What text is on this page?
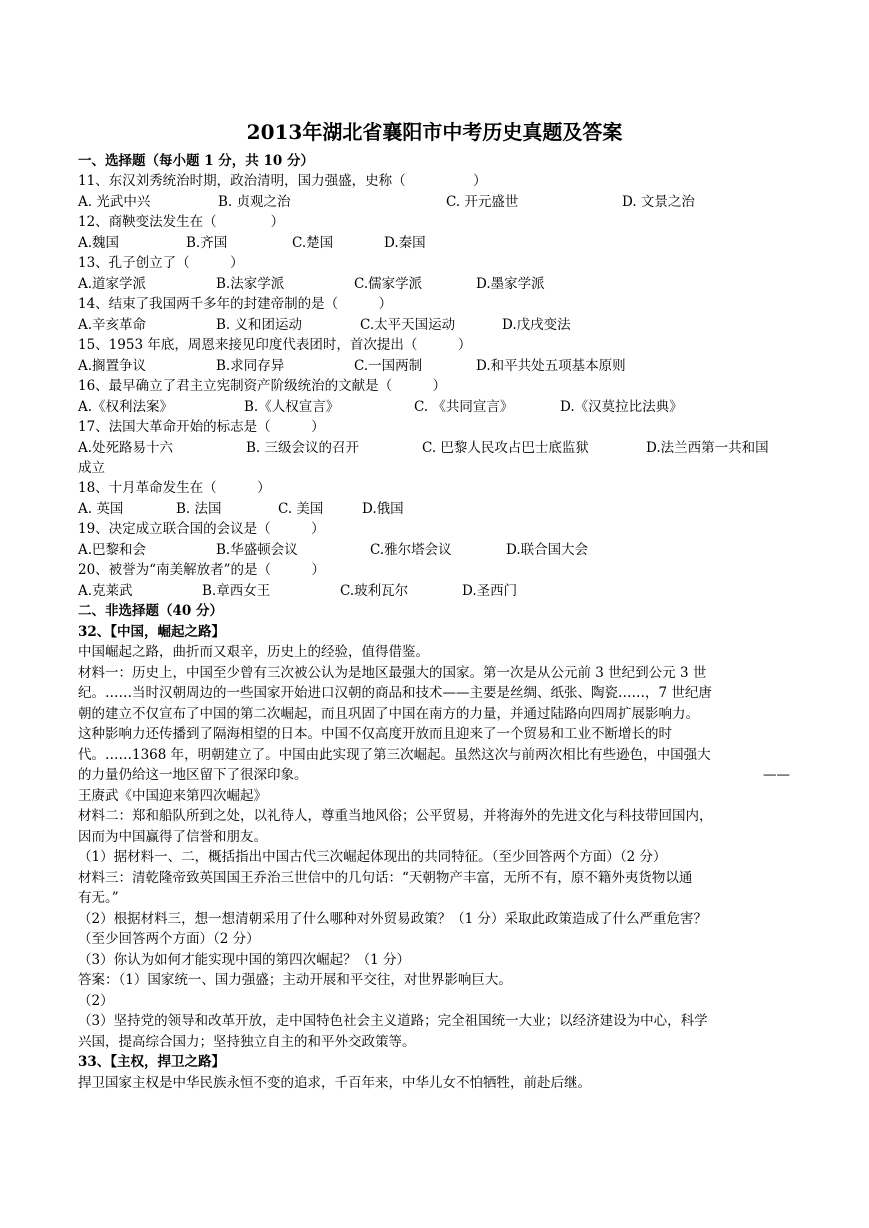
2013年湖北省襄阳市中考历史真题及答案
一、选择题（每小题 1 分，共 10 分）
11、东汉刘秀统治时期，政治清明，国力强盛，史称（　　　　　）
A. 光武中兴	B. 贞观之治	C. 开元盛世	D. 文景之治
12、商鞅变法发生在（　　　　）
A.魏国	B.齐国	C.楚国	D.秦国
13、孔子创立了（　　　）
A.道家学派	B.法家学派	C.儒家学派	D.墨家学派
14、结束了我国两千多年的封建帝制的是（　　　）
A.辛亥革命	B. 义和团运动	C.太平天国运动	D.戊戌变法
15、1953 年底，周恩来接见印度代表团时，首次提出（　　　）
A.搁置争议	B.求同存异	C.一国两制	D.和平共处五项基本原则
16、最早确立了君主立宪制资产阶级统治的文献是（　　　）
A.《权利法案》	B.《人权宣言》	C. 《共同宣言》	D.《汉莫拉比法典》
17、法国大革命开始的标志是（　　　）
A.处死路易十六	B. 三级会议的召开	C. 巴黎人民攻占巴士底监狱	D.法兰西第一共和国
成立
18、十月革命发生在（　　　）
A. 英国	B. 法国	C. 美国	D.俄国
19、决定成立联合国的会议是（　　　）
A.巴黎和会	B.华盛顿会议	C.雅尔塔会议	D.联合国大会
20、被誉为“南美解放者”的是（　　　）
A.克莱武	B.章西女王	C.玻利瓦尔	D.圣西门
二、非选择题（40 分）
32、【中国，崛起之路】
中国崛起之路，曲折而又艰辛，历史上的经验，值得借鉴。
材料一：历史上，中国至少曾有三次被公认为是地区最强大的国家。第一次是从公元前 3 世纪到公元 3 世
纪。……当时汉朝周边的一些国家开始进口汉朝的商品和技术——主要是丝绸、纸张、陶瓷……，7 世纪唐
朝的建立不仅宣布了中国的第二次崛起，而且巩固了中国在南方的力量，并通过陆路向四周扩展影响力。
这种影响力还传播到了隔海相望的日本。中国不仅高度开放而且迎来了一个贸易和工业不断增长的时
代。……1368 年，明朝建立了。中国由此实现了第三次崛起。虽然这次与前两次相比有些逊色，中国强大
的力量仍给这一地区留下了很深印象。	——
王赓武《中国迎来第四次崛起》
材料二：郑和船队所到之处，以礼待人，尊重当地风俗；公平贸易，并将海外的先进文化与科技带回国内，
因而为中国赢得了信誉和朋友。
（1）据材料一、二，概括指出中国古代三次崛起体现出的共同特征。（至少回答两个方面）（2 分）
材料三：清乾隆帝致英国国王乔治三世信中的几句话：“天朝物产丰富，无所不有，原不籍外夷货物以通
有无。”
（2）根据材料三，想一想清朝采用了什么哪种对外贸易政策？（1 分）采取此政策造成了什么严重危害？
（至少回答两个方面）（2 分）
（3）你认为如何才能实现中国的第四次崛起？（1 分）
答案：（1）国家统一、国力强盛；主动开展和平交往，对世界影响巨大。
（2）
（3）坚持党的领导和改革开放，走中国特色社会主义道路；完全祖国统一大业；以经济建设为中心，科学
兴国，提高综合国力；坚持独立自主的和平外交政策等。
33、【主权，捍卫之路】
捍卫国家主权是中华民族永恒不变的追求，千百年来，中华儿女不怕牺牲，前赴后继。
